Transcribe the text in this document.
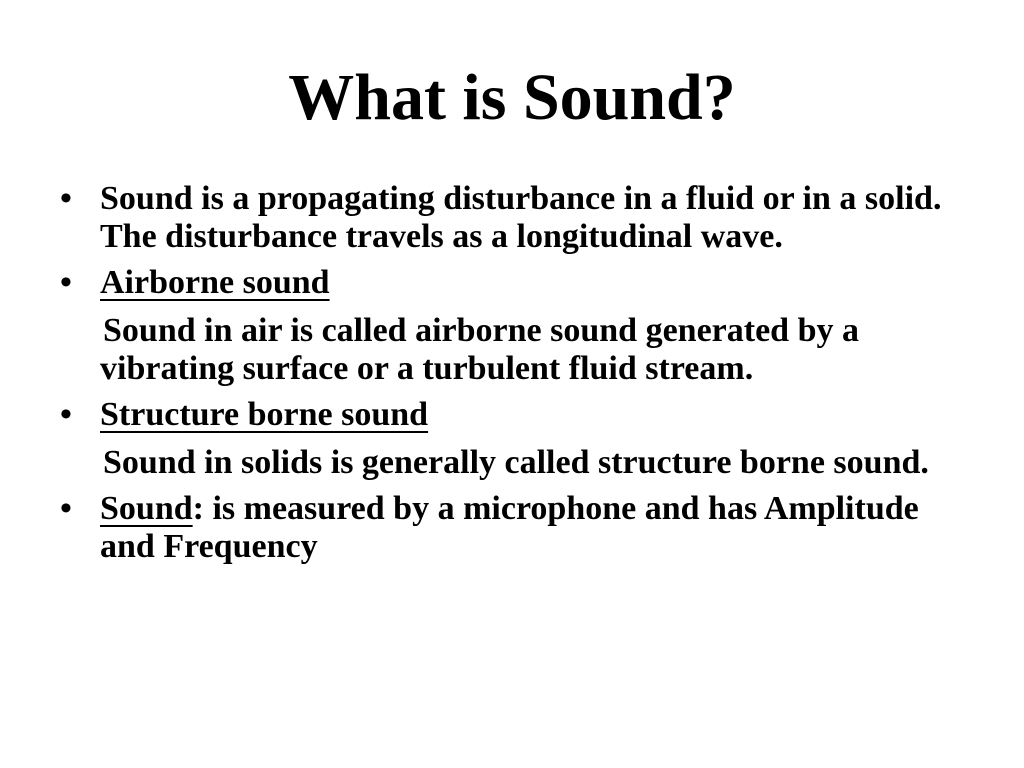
What is Sound?
• Sound is a propagating disturbance in a fluid or in a solid. The disturbance travels as a longitudinal wave.
• Airborne sound
Sound in air is called airborne sound generated by a vibrating surface or a turbulent fluid stream.
• Structure borne sound
Sound in solids is generally called structure borne sound.
• Sound: is measured by a microphone and has Amplitude and Frequency
